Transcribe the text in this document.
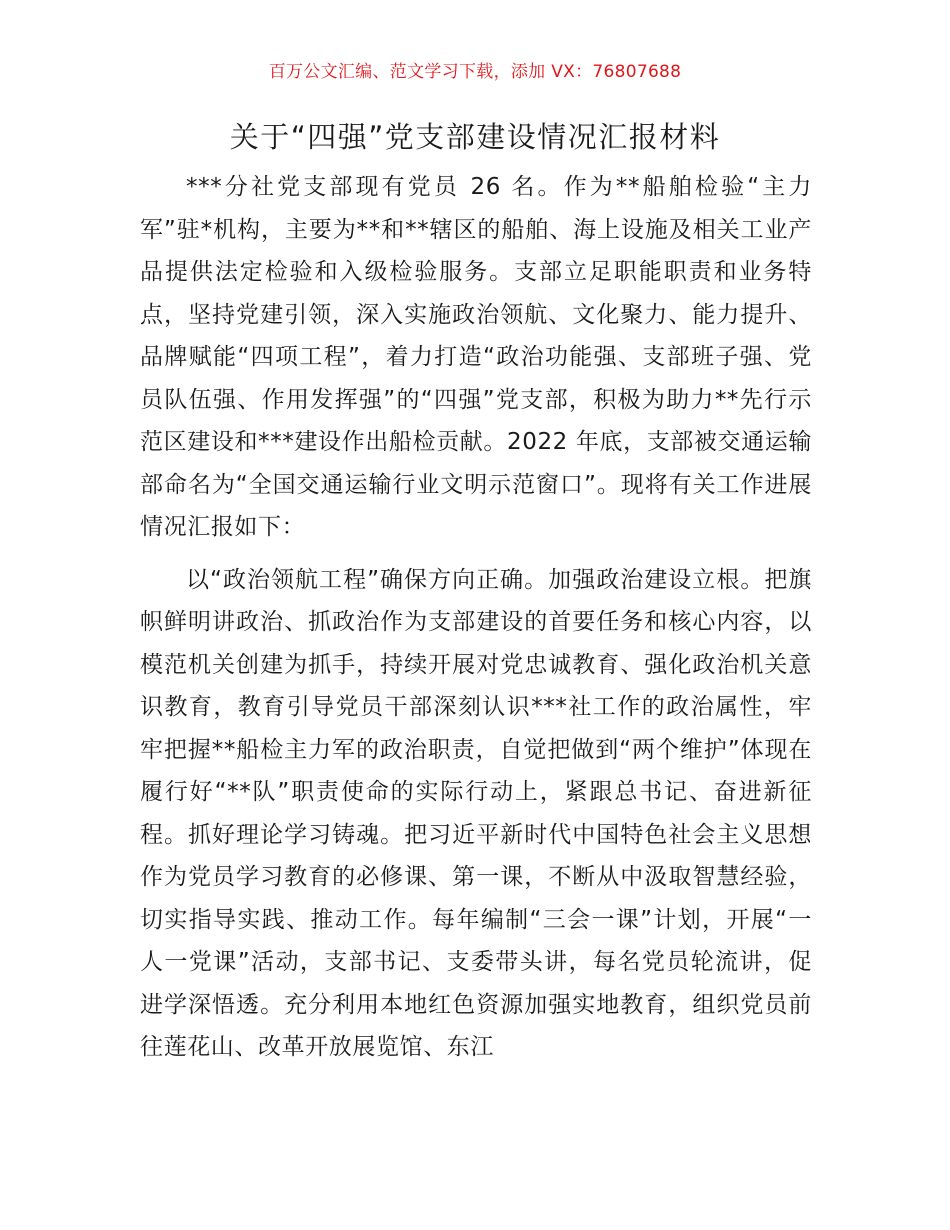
百万公文汇编、范文学习下载，添加 VX：76807688
关于“四强”党支部建设情况汇报材料

***分社党支部现有党员 26 名。作为**船舶检验“主力军”驻*机构，主要为**和**辖区的船舶、海上设施及相关工业产品提供法定检验和入级检验服务。支部立足职能职责和业务特点，坚持党建引领，深入实施政治领航、文化聚力、能力提升、品牌赋能“四项工程”，着力打造“政治功能强、支部班子强、党员队伍强、作用发挥强”的“四强”党支部，积极为助力**先行示范区建设和***建设作出船检贡献。2022 年底，支部被交通运输部命名为“全国交通运输行业文明示范窗口”。现将有关工作进展情况汇报如下：

以“政治领航工程”确保方向正确。加强政治建设立根。把旗帜鲜明讲政治、抓政治作为支部建设的首要任务和核心内容，以模范机关创建为抓手，持续开展对党忠诚教育、强化政治机关意识教育，教育引导党员干部深刻认识***社工作的政治属性，牢牢把握**船检主力军的政治职责，自觉把做到“两个维护”体现在履行好“**队”职责使命的实际行动上，紧跟总书记、奋进新征程。抓好理论学习铸魂。把习近平新时代中国特色社会主义思想作为党员学习教育的必修课、第一课，不断从中汲取智慧经验，切实指导实践、推动工作。每年编制“三会一课”计划，开展“一人一党课”活动，支部书记、支委带头讲，每名党员轮流讲，促进学深悟透。充分利用本地红色资源加强实地教育，组织党员前往莲花山、改革开放展览馆、东江
